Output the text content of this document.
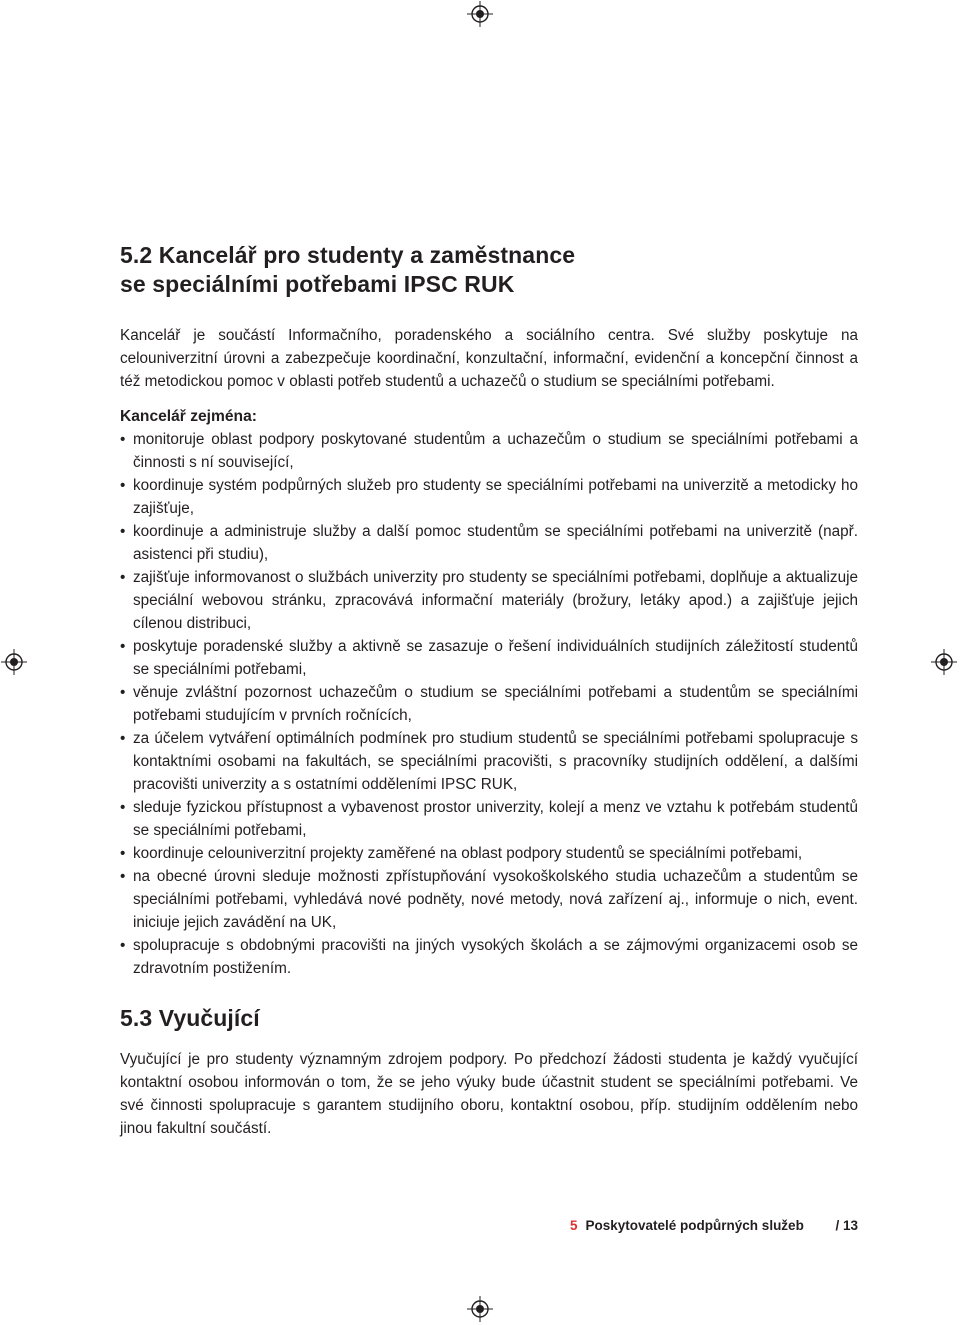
5.2 Kancelář pro studenty a zaměstnance
se speciálními potřebami IPSC RUK

Kancelář je součástí Informačního, poradenského a sociálního centra. Své služby poskytuje na celouniverzitní úrovni a zabezpečuje koordinační, konzultační, informační, evidenční a koncepční činnost a též metodickou pomoc v oblasti potřeb studentů a uchazečů o studium se speciálními potřebami.

Kancelář zejména:
• monitoruje oblast podpory poskytované studentům a uchazečům o studium se speciálními potřebami a činnosti s ní související,
• koordinuje systém podpůrných služeb pro studenty se speciálními potřebami na univerzitě a metodicky ho zajišťuje,
• koordinuje a administruje služby a další pomoc studentům se speciálními potřebami na univerzitě (např. asistenci při studiu),
• zajišťuje informovanost o službách univerzity pro studenty se speciálními potřebami, doplňuje a aktualizuje speciální webovou stránku, zpracovává informační materiály (brožury, letáky apod.) a zajišťuje jejich cílenou distribuci,
• poskytuje poradenské služby a aktivně se zasazuje o řešení individuálních studijních záležitostí studentů se speciálními potřebami,
• věnuje zvláštní pozornost uchazečům o studium se speciálními potřebami a studentům se speciálními potřebami studujícím v prvních ročnících,
• za účelem vytváření optimálních podmínek pro studium studentů se speciálními potřebami spolupracuje s kontaktními osobami na fakultách, se speciálními pracovišti, s pracovníky studijních oddělení, a dalšími pracovišti univerzity a s ostatními odděleními IPSC RUK,
• sleduje fyzickou přístupnost a vybavenost prostor univerzity, kolejí a menz ve vztahu k potřebám studentů se speciálními potřebami,
• koordinuje celouniverzitní projekty zaměřené na oblast podpory studentů se speciálními potřebami,
• na obecné úrovni sleduje možnosti zpřístupňování vysokoškolského studia uchazečům a studentům se speciálními potřebami, vyhledává nové podněty, nové metody, nová zařízení aj., informuje o nich, event. iniciuje jejich zavádění na UK,
• spolupracuje s obdobnými pracovišti na jiných vysokých školách a se zájmovými organizacemi osob se zdravotním postižením.
5.3 Vyučující

Vyučující je pro studenty významným zdrojem podpory. Po předchozí žádosti studenta je každý vyučující kontaktní osobou informován o tom, že se jeho výuky bude účastnit student se speciálními potřebami. Ve své činnosti spolupracuje s garantem studijního oboru, kontaktní osobou, příp. studijním oddělením nebo jinou fakultní součástí.

5 Poskytovatelé podpůrných služeb / 13
